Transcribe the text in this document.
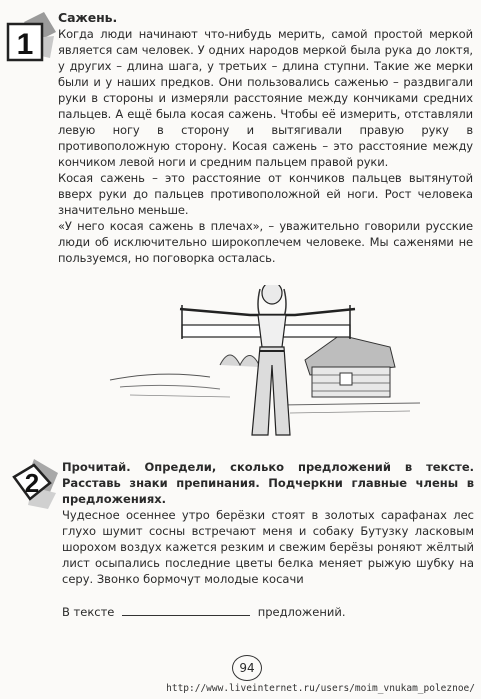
1

Сажень.

Когда люди начинают что-нибудь мерить, самой простой меркой является сам человек. У одних народов меркой была рука до локтя, у других – длина шага, у третьих – длина ступни. Такие же мерки были и у наших предков. Они пользовались саженью – раздвигали руки в стороны и измеряли расстояние между кончиками средних пальцев. А ещё была косая сажень. Чтобы её измерить, отставляли левую ногу в сторону и вытягивали правую руку в противоположную сторону. Косая сажень – это расстояние между кончиком левой ноги и средним пальцем правой руки.

Косая сажень – это расстояние от кончиков пальцев вытянутой вверх руки до пальцев противоположной ей ноги. Рост человека значительно меньше.

«У него косая сажень в плечах», – уважительно говорили русские люди об исключительно широкоплечем человеке. Мы саженями не пользуемся, но поговорка осталась.

2

Прочитай. Определи, сколько предложений в тексте. Расставь знаки препинания. Подчеркни главные члены в предложениях.

Чудесное осеннее утро берёзки стоят в золотых сарафанах лес глухо шумит сосны встречают меня и собаку Бутузку ласковым шорохом воздух кажется резким и свежим берёзы роняют жёлтый лист осыпались последние цветы белка меняет рыжую шубку на серу. Звонко бормочут молодые косачи

В тексте	предложений.
94
http://www.liveinternet.ru/users/moim_vnukam_poleznoe/
